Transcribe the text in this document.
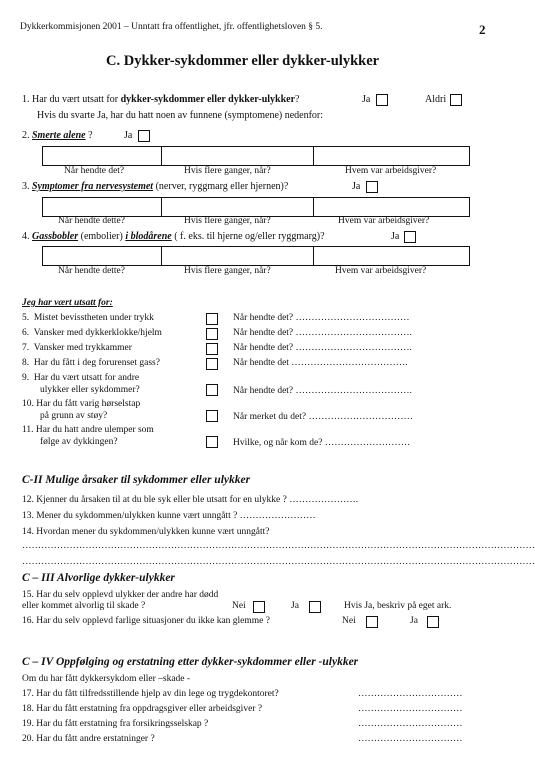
Dykkerkommisjonen 2001 – Unntatt fra offentlighet, jfr. offentlighetsloven § 5.	2
C. Dykker-sykdommer eller dykker-ulykker
1. Har du vært utsatt for dykker-sykdommer eller dykker-ulykker?	Ja	Aldri
Hvis du svarte Ja, har du hatt noen av funnene (symptomene) nedenfor:
2. Smerte alene ?	Ja
Når hendte det?	Hvis flere ganger, når?	Hvem var arbeidsgiver?
3. Symptomer fra nervesystemet (nerver, ryggmarg eller hjernen)?	Ja
Når hendte dette?	Hvis flere ganger, når?	Hvem var arbeidsgiver?
4. Gassbobler (embolier) i blodårene ( f. eks. til hjerne og/eller ryggmarg)?	Ja
Når hendte dette?	Hvis flere ganger, når?	Hvem var arbeidsgiver?
Jeg har vært utsatt for:
5. Mistet bevisstheten under trykk	Når hendte det? ………………………………
6. Vansker med dykkerklokke/hjelm	Når hendte det? ……………………………….
7. Vansker med trykkammer	Når hendte det? ……………………………….
8. Har du fått i deg forurenset gass?	Når hendte det ……………………………….
9. Har du vært utsatt for andre
ulykker eller sykdommer?	Når hendte det? ……………………………….
10. Har du fått varig hørselstap
på grunn av støy?	Når merket du det? ……………………………
11. Har du hatt andre ulemper som
følge av dykkingen?	Hvilke, og når kom de? ………………………
C-II Mulige årsaker til sykdommer eller ulykker
12. Kjenner du årsaken til at du ble syk eller ble utsatt for en ulykke ? ………………….
13. Mener du sykdommen/ulykken kunne vært unngått ? ……………………
14. Hvordan mener du sykdommen/ulykken kunne vært unngått?
………………………………………………………………………………………………………………………………………………
………………………………………………………………………………………………………………………………………………
C – III Alvorlige dykker-ulykker
15. Har du selv opplevd ulykker der andre har dødd
eller kommet alvorlig til skade ?	Nei	Ja	Hvis Ja, beskriv på eget ark.
16. Har du selv opplevd farlige situasjoner du ikke kan glemme ?	Nei	Ja
C – IV Oppfølging og erstatning etter dykker-sykdommer eller -ulykker
Om du har fått dykkersykdom eller –skade -
17. Har du fått tilfredsstillende hjelp av din lege og trygdekontoret?	……………………………
18. Har du fått erstatning fra oppdragsgiver eller arbeidsgiver ?	……………………………
19. Har du fått erstatning fra forsikringsselskap ?	……………………………
20. Har du fått andre erstatninger ?	……………………………
